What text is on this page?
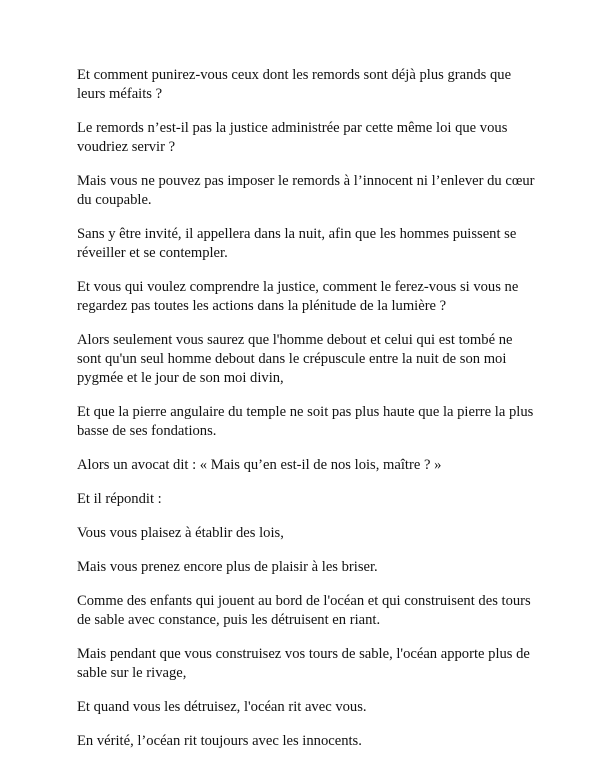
Et comment punirez-vous ceux dont les remords sont déjà plus grands que leurs méfaits ?

Le remords n’est-il pas la justice administrée par cette même loi que vous voudriez servir ?

Mais vous ne pouvez pas imposer le remords à l’innocent ni l’enlever du cœur du coupable.

Sans y être invité, il appellera dans la nuit, afin que les hommes puissent se réveiller et se contempler.

Et vous qui voulez comprendre la justice, comment le ferez-vous si vous ne regardez pas toutes les actions dans la plénitude de la lumière ?

Alors seulement vous saurez que l'homme debout et celui qui est tombé ne sont qu'un seul homme debout dans le crépuscule entre la nuit de son moi pygmée et le jour de son moi divin,

Et que la pierre angulaire du temple ne soit pas plus haute que la pierre la plus basse de ses fondations.

Alors un avocat dit : « Mais qu’en est-il de nos lois, maître ? »

Et il répondit :

Vous vous plaisez à établir des lois,

Mais vous prenez encore plus de plaisir à les briser.

Comme des enfants qui jouent au bord de l'océan et qui construisent des tours de sable avec constance, puis les détruisent en riant.

Mais pendant que vous construisez vos tours de sable, l'océan apporte plus de sable sur le rivage,

Et quand vous les détruisez, l'océan rit avec vous.

En vérité, l’océan rit toujours avec les innocents.
